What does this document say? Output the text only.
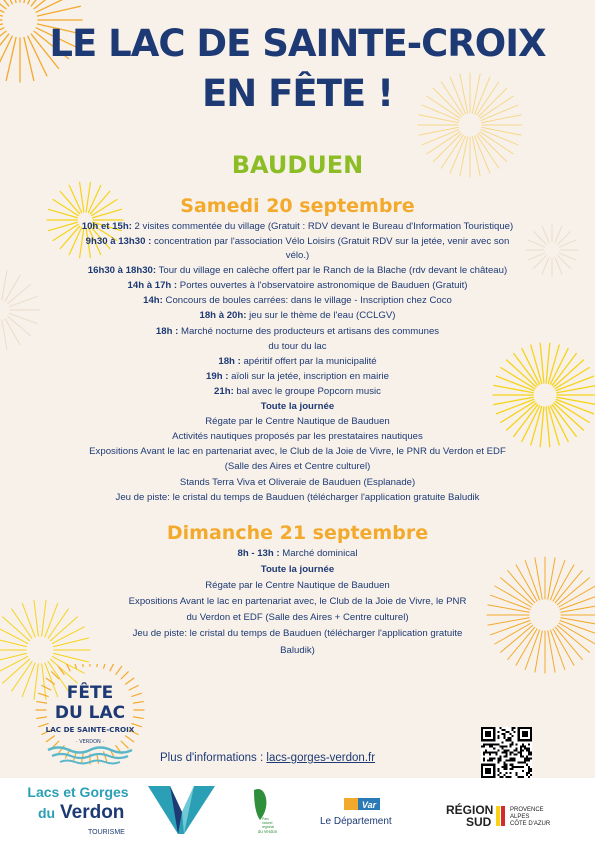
LE LAC DE SAINTE-CROIX
EN FÊTE !
BAUDUEN
Samedi 20 septembre
10h et 15h: 2 visites commentée du village (Gratuit : RDV devant le Bureau d'Information Touristique)
9h30 à 13h30 : concentration par l'association Vélo Loisirs (Gratuit RDV sur la jetée, venir avec son
vélo.)
16h30 à 18h30: Tour du village en calèche offert par le Ranch de la Blache (rdv devant le château)
14h à 17h : Portes ouvertes à l'observatoire astronomique de Bauduen (Gratuit)
14h: Concours de boules carrées: dans le village - Inscription chez Coco
18h à 20h: jeu sur le thème de l'eau (CCLGV)
18h : Marché nocturne des producteurs et artisans des communes
du tour du lac
18h : apéritif offert par la municipalité
19h : aïoli sur la jetée, inscription en mairie
21h: bal avec le groupe Popcorn music
Toute la journée
Régate par le Centre Nautique de Bauduen
Activités nautiques proposés par les prestataires nautiques
Expositions Avant le lac en partenariat avec, le Club de la Joie de Vivre, le PNR du Verdon et EDF
(Salle des Aires et Centre culturel)
Stands Terra Viva et Oliveraie de Bauduen (Esplanade)
Jeu de piste: le cristal du temps de Bauduen (télécharger l'application gratuite Baludik
Dimanche 21 septembre
8h - 13h : Marché dominical
Toute la journée
Régate par le Centre Nautique de Bauduen
Expositions Avant le lac en partenariat avec, le Club de la Joie de Vivre, le PNR
du Verdon et EDF (Salle des Aires + Centre culturel)
Jeu de piste: le cristal du temps de Bauduen (télécharger l'application gratuite
Baludik)
FÊTE
DU LAC
LAC DE SAINTE-CROIX
· VERDON ·
Plus d'informations : lacs-gorges-verdon.fr
Lacs et Gorges
du Verdon
TOURISME
Parc
naturel
régional
du Verdon
Var
Le Département
RÉGION
SUD
PROVENCE
ALPES
CÔTE D'AZUR
